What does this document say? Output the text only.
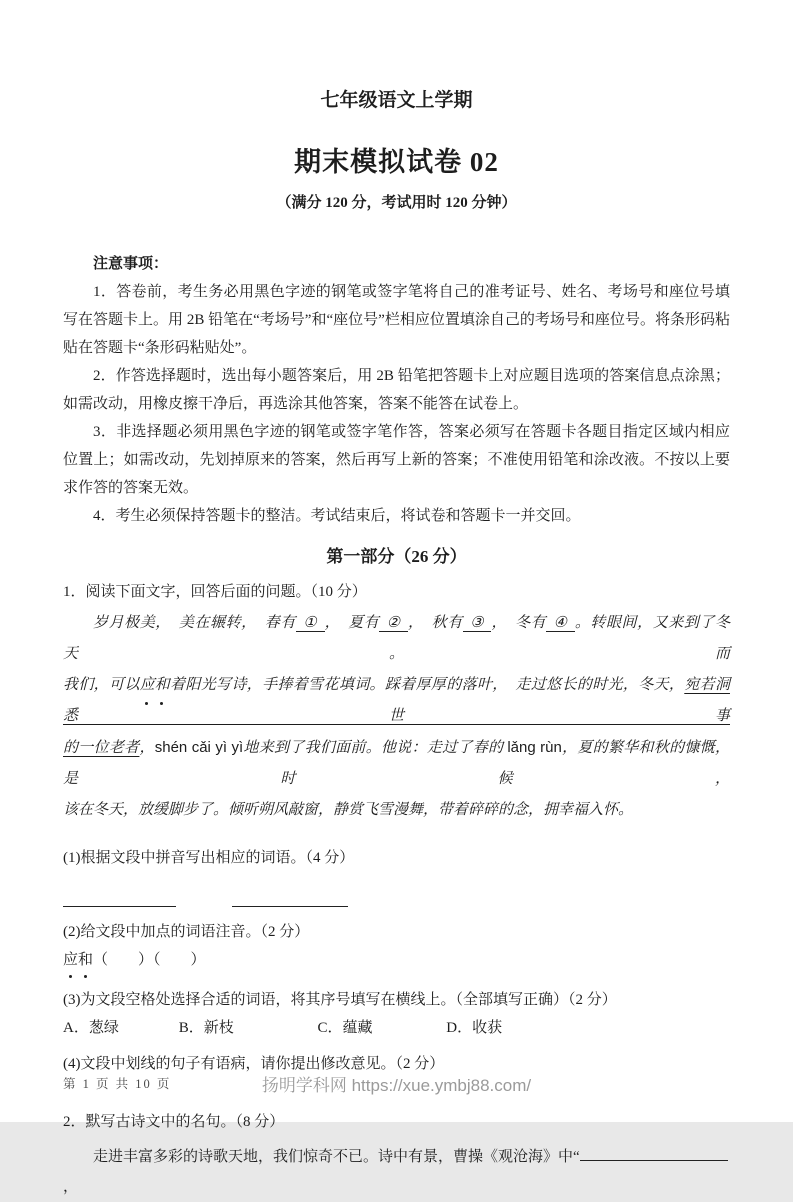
七年级语文上学期
期末模拟试卷 02
（满分 120 分，考试用时 120 分钟）

注意事项：

1．答卷前，考生务必用黑色字迹的钢笔或签字笔将自己的准考证号、姓名、考场号和座位号填写在答题卡上。用 2B 铅笔在“考场号”和“座位号”栏相应位置填涂自己的考场号和座位号。将条形码粘贴在答题卡“条形码粘贴处”。

2．作答选择题时，选出每小题答案后，用 2B 铅笔把答题卡上对应题目选项的答案信息点涂黑；如需改动，用橡皮擦干净后，再选涂其他答案，答案不能答在试卷上。

3．非选择题必须用黑色字迹的钢笔或签字笔作答，答案必须写在答题卡各题目指定区域内相应位置上；如需改动，先划掉原来的答案，然后再写上新的答案；不准使用铅笔和涂改液。不按以上要求作答的答案无效。

4．考生必须保持答题卡的整洁。考试结束后，将试卷和答题卡一并交回。

第一部分（26 分）
1．阅读下面文字，回答后面的问题。（10 分）
岁月极美，　美在辗转，　春有 ① ，　夏有 ② ，　秋有 ③ ，　冬有 ④ 。转眼间，又来到了冬天。而
我们，可以应和着阳光写诗，手捧着雪花填词。踩着厚厚的落叶，　走过悠长的时光，冬天，宛若洞悉世事
的一位老者，shén cǎi yì yì地来到了我们面前。他说：走过了春的 lǎng rùn，夏的繁华和秋的慷慨，是时候，
该在冬天，放缓脚步了。倾听朔风敲窗，静赏飞雪漫舞，带着碎碎的念，拥幸福入怀。
(1)根据文段中拼音写出相应的词语。（4 分）
(2)给文段中加点的词语注音。（2 分）
应和（　　）（　　）
(3)为文段空格处选择合适的词语，将其序号填写在横线上。（全部填写正确）（2 分）
A．葱绿	B．新枝	C．蕴藏	D．收获
(4)文段中划线的句子有语病，请你提出修改意见。（2 分）
2．默写古诗文中的名句。（8 分）
走进丰富多彩的诗歌天地，我们惊奇不已。诗中有景，曹操《观沧海》中“，
第 1 页 共 10 页	扬明学科网 https://xue.ymbj88.com/
